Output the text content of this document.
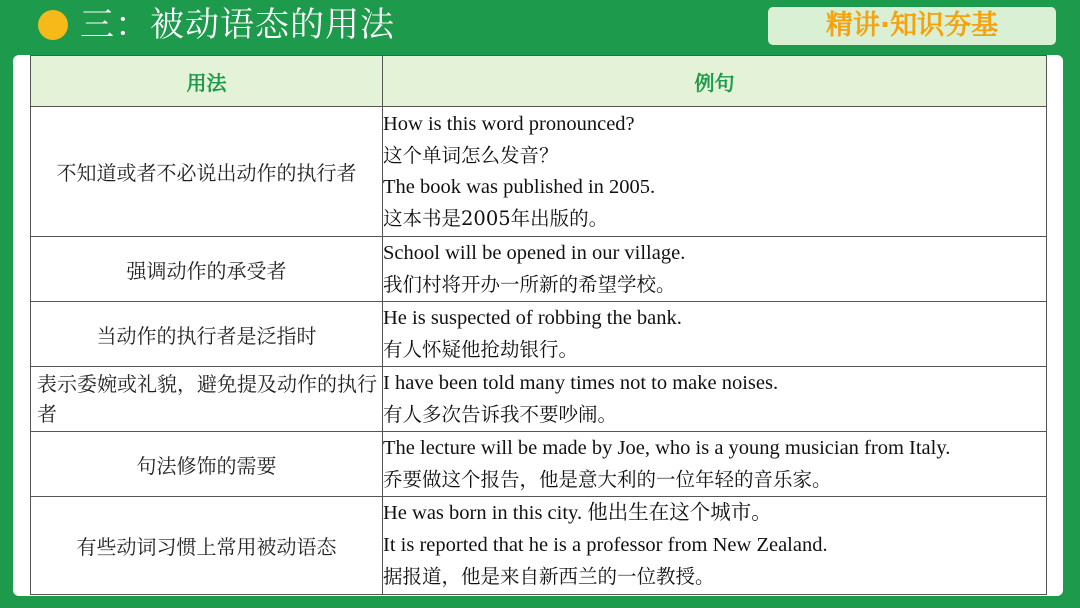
三：被动语态的用法	精讲·知识夯基
用法	例句
不知道或者不必说出动作的执行者	How is this word pronounced?
这个单词怎么发音？
The book was published in 2005.
这本书是2005年出版的。

强调动作的承受者	School will be opened in our village.
我们村将开办一所新的希望学校。

当动作的执行者是泛指时	He is suspected of robbing the bank.
有人怀疑他抢劫银行。

表示委婉或礼貌，避免提及动作的执行者	I have been told many times not to make noises.
有人多次告诉我不要吵闹。

句法修饰的需要	The lecture will be made by Joe, who is a young musician from Italy.
乔要做这个报告，他是意大利的一位年轻的音乐家。

有些动词习惯上常用被动语态	He was born in this city. 他出生在这个城市。
It is reported that he is a professor from New Zealand.
据报道，他是来自新西兰的一位教授。
